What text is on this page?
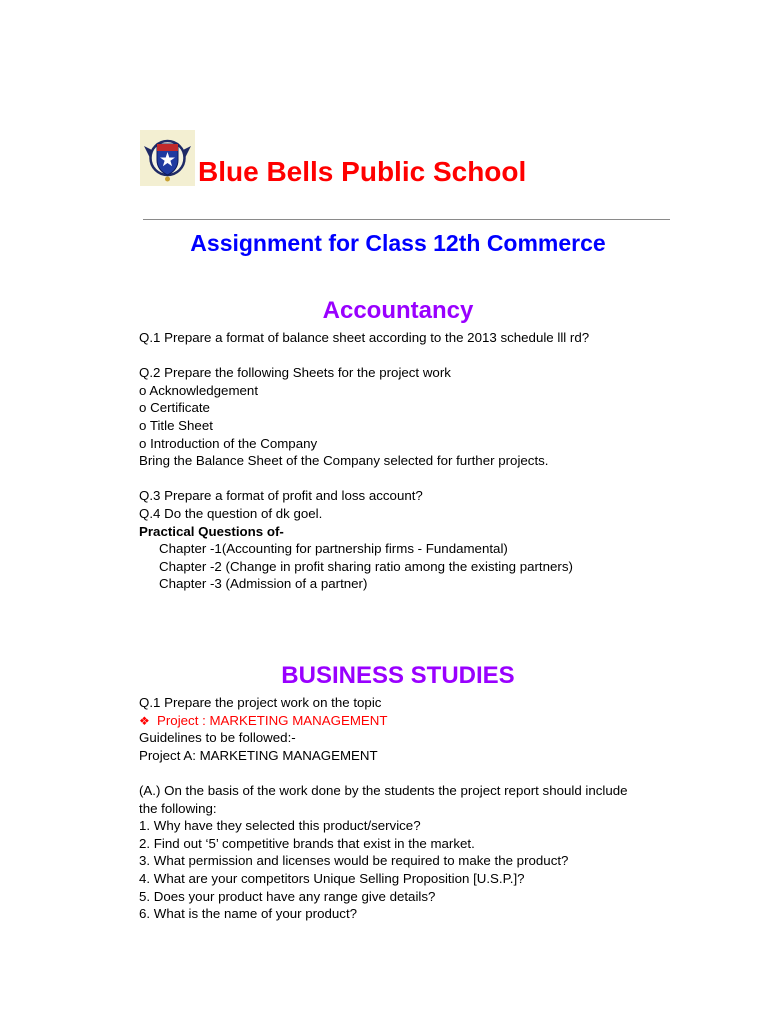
Blue Bells Public School
Assignment for Class 12th Commerce
Accountancy
Q.1 Prepare a format of balance sheet according to the 2013 schedule lll rd?
Q.2 Prepare the following Sheets for the project work
o Acknowledgement
o Certificate
o Title Sheet
o Introduction of the Company
Bring the Balance Sheet of the Company selected for further projects.
Q.3 Prepare a format of profit and loss account?
Q.4 Do the question of dk goel.
Practical Questions of-
Chapter -1(Accounting for partnership firms - Fundamental)
Chapter -2 (Change in profit sharing ratio among the existing partners)
Chapter -3 (Admission of a partner)
BUSINESS STUDIES
Q.1 Prepare the project work on the topic
❖ Project : MARKETING MANAGEMENT
Guidelines to be followed:-
Project A: MARKETING MANAGEMENT
(A.) On the basis of the work done by the students the project report should include
the following:
1. Why have they selected this product/service?
2. Find out ‘5’ competitive brands that exist in the market.
3. What permission and licenses would be required to make the product?
4. What are your competitors Unique Selling Proposition [U.S.P.]?
5. Does your product have any range give details?
6. What is the name of your product?
